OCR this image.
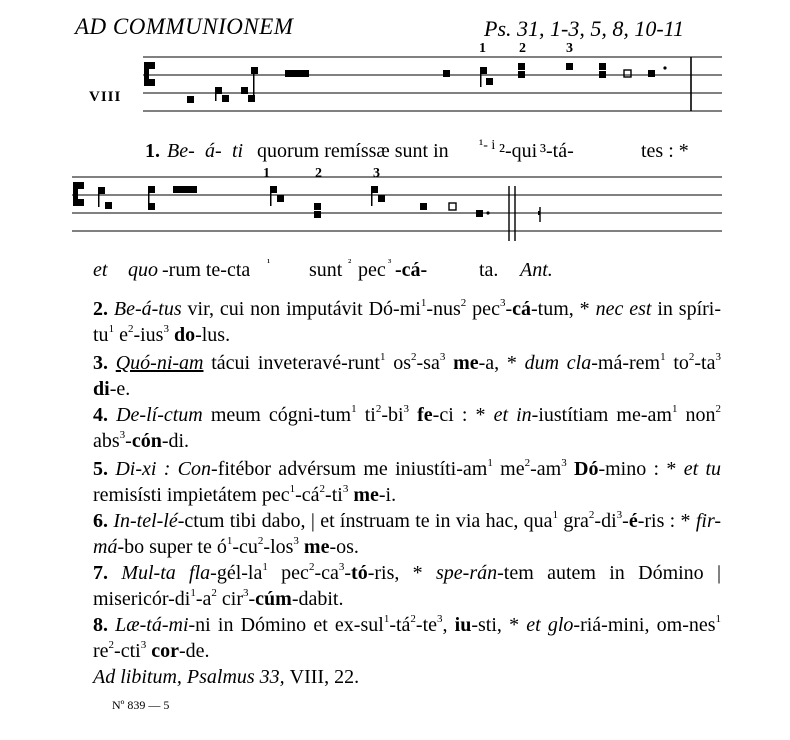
AD COMMUNIONEM	Ps. 31, 1-3, 5, 8, 10-11
VIII
1 2	3
1. Be- á- ti quorum remíssæ sunt in ¹- i ²-qui ³-tá-	tes : *
1	2	3
et quo -rum te-cta ¹ sunt ² pec ³ -cá-	ta. Ant.
2. Be-á-tus vir, cui non imputávit $Dó-mi^1-nus^2$ pec$^3$-cá-tum, * nec est in spíri-$tu^1$ $e^2-ius^3$ do-lus.
3. Quó-ni-am tácui inveteravé-runt$^1$ $os^2-sa^3$ me-a, * dum cla-má-rem$^1$ $to^2-ta^3$ di-e.
4. De-lí-ctum meum cógni-tum$^1$ $ti^2-bi^3$ fe-ci : * et in-iustítiam $me-am^1$ non$^2$ abs$^3$-cón-di.
5. Di-xi : Con-fitébor advérsum me iniustíti-$am^1$ $me^2-am^3$ Dó-mino : * et tu remisísti impietátem $pec^1-cá^2-ti^3$ me-i.
6. In-tel-lé-ctum tibi dabo, | et ínstruam te in via hac, qua$^1$ $gra^2-di^3-é$-ris : * fir-má-bo super te $ó^1-cu^2-los^3$ me-os.
7. Mul-ta fla-$gél-la^1$ $pec^2-ca^3-tó$-ris, * spe-rán-tem autem in Dómino | misericór-$di^1-a^2$ cir$^3$-cúm-dabit.
8. Læ-tá-mi-ni in Dómino et $ex-sul^1-tá^2-te^3$, iu-sti, * et glo-riá-mini, om-nes$^1$ $re^2-cti^3$ cor-de.
Ad libitum, Psalmus 33, VIII, 22.
Nº 839 — 5
